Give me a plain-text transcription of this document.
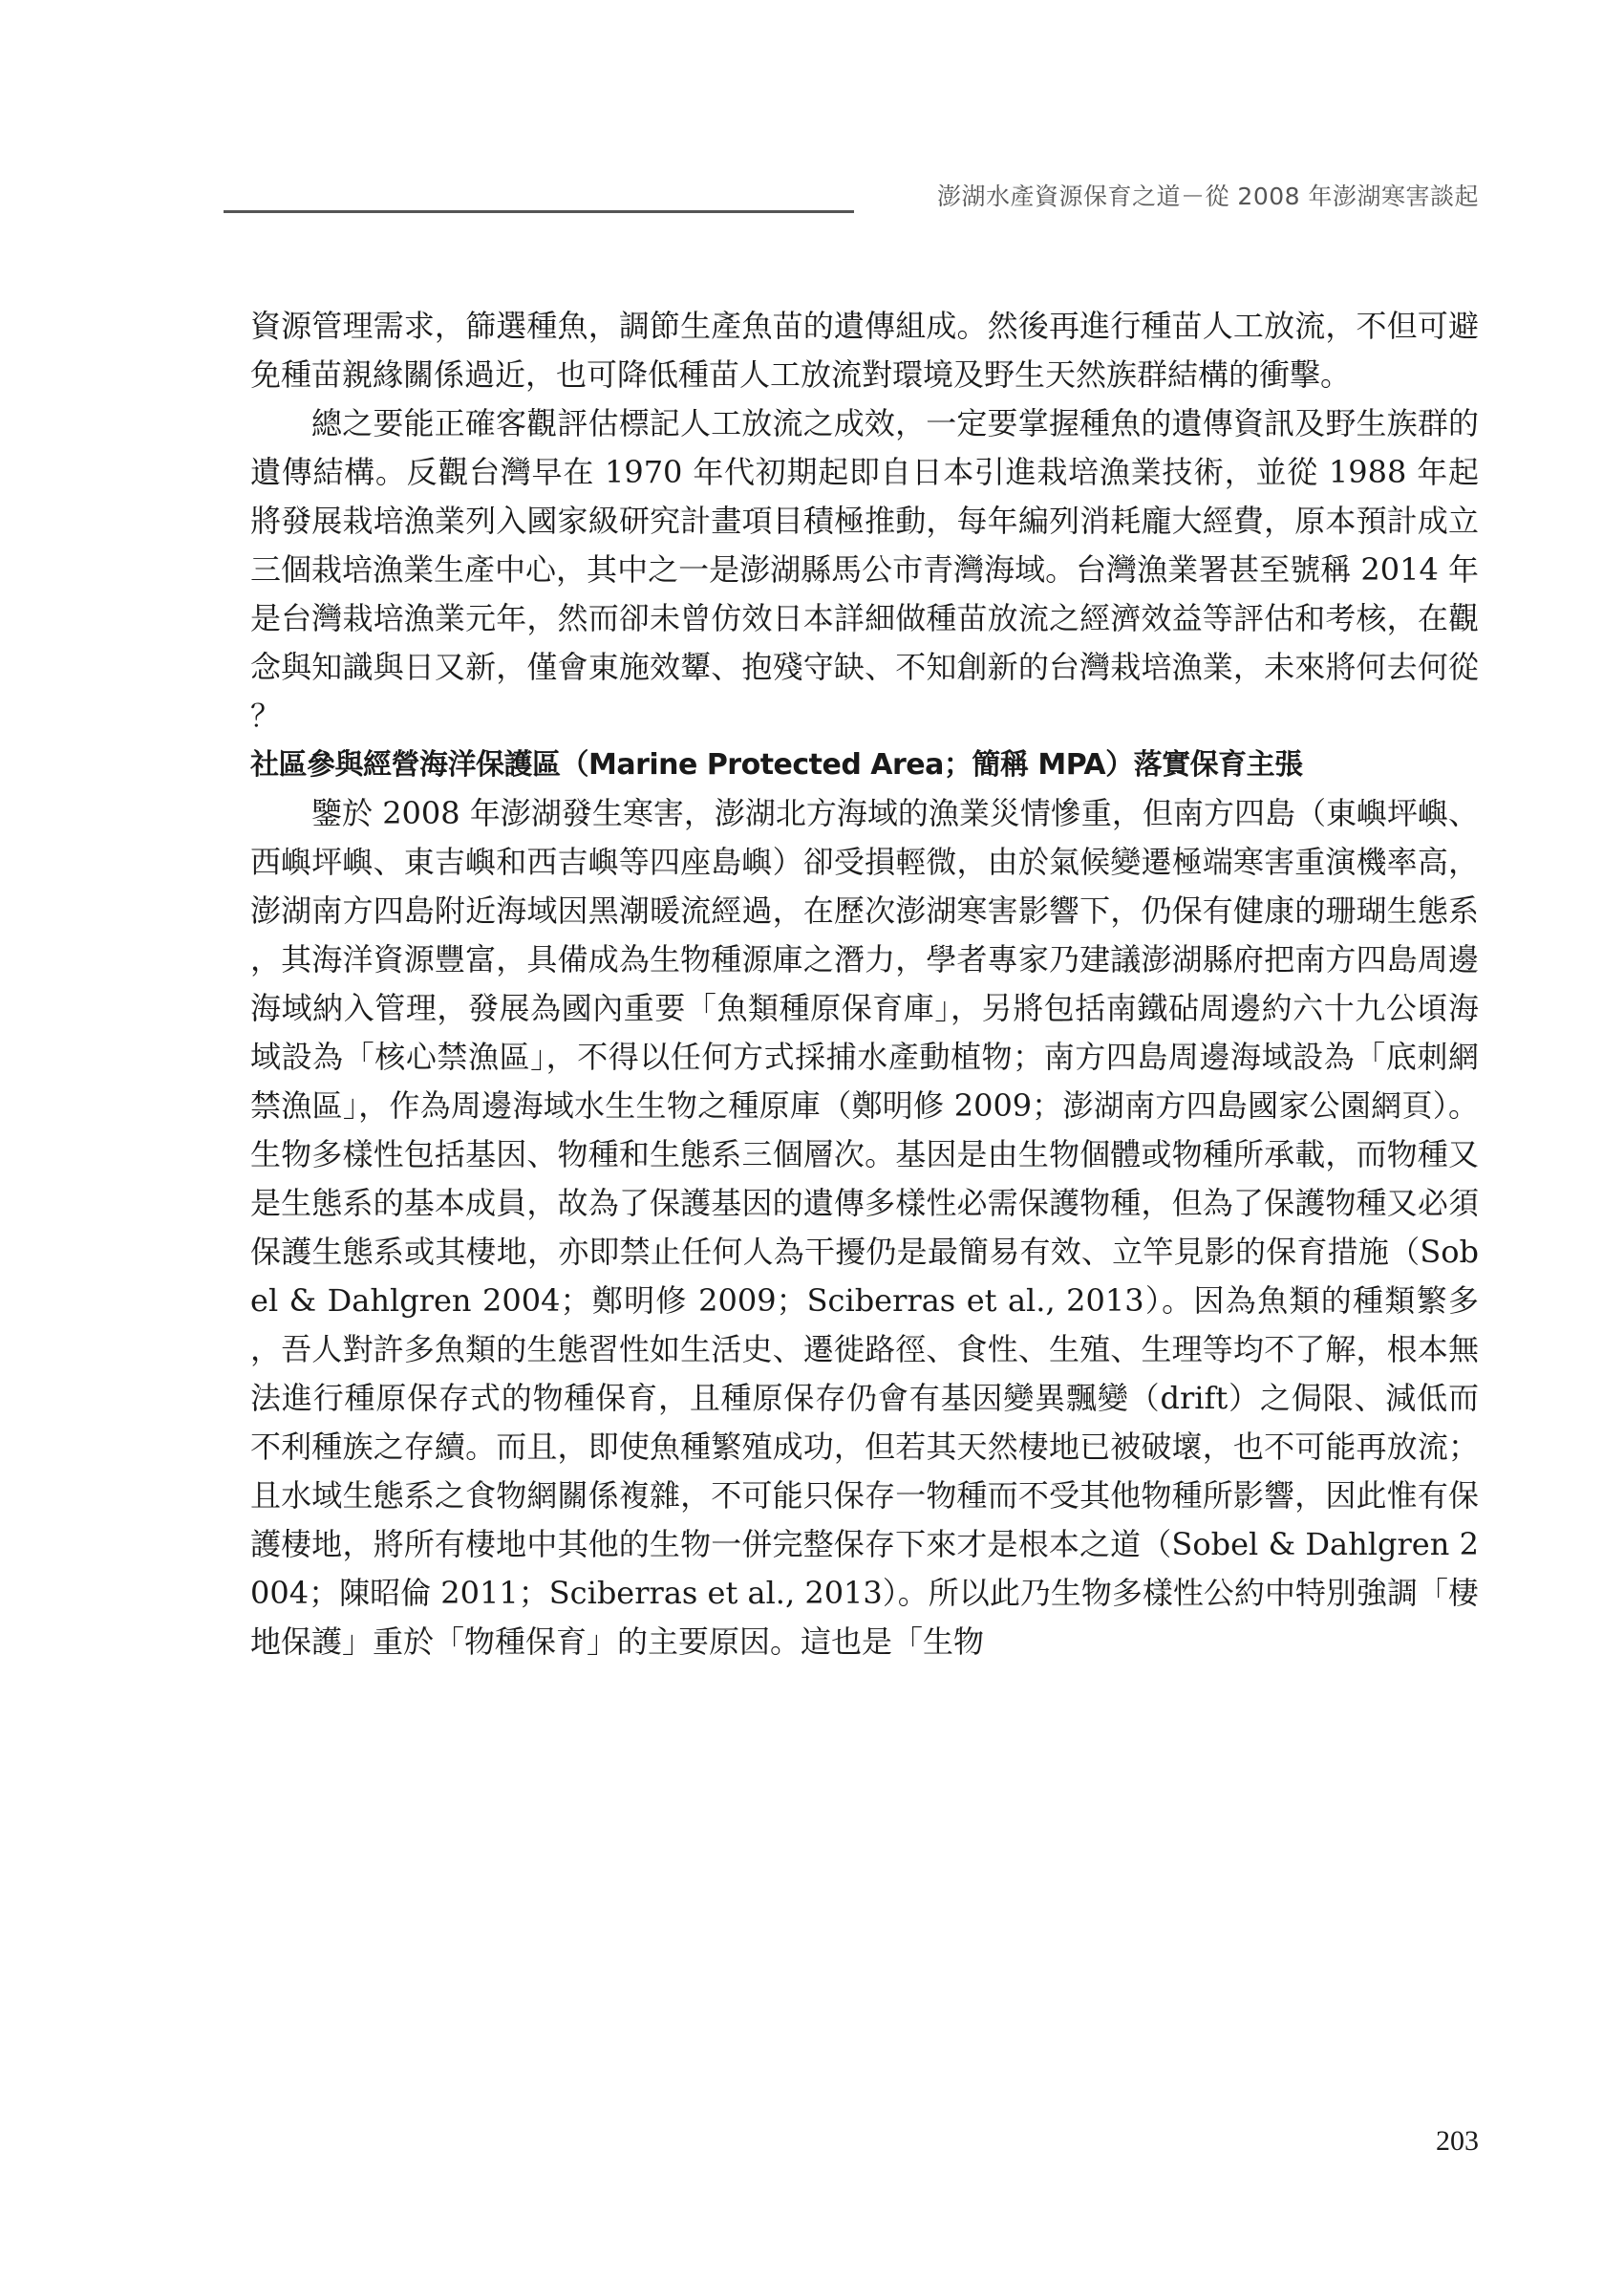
澎湖水產資源保育之道－從 2008 年澎湖寒害談起

資源管理需求，篩選種魚，調節生產魚苗的遺傳組成。然後再進行種苗人工放流，不但可避免種苗親緣關係過近，也可降低種苗人工放流對環境及野生天然族群結構的衝擊。

總之要能正確客觀評估標記人工放流之成效，一定要掌握種魚的遺傳資訊及野生族群的遺傳結構。反觀台灣早在 1970 年代初期起即自日本引進栽培漁業技術，並從 1988 年起將發展栽培漁業列入國家級研究計畫項目積極推動，每年編列消耗龐大經費，原本預計成立三個栽培漁業生產中心，其中之一是澎湖縣馬公市青灣海域。台灣漁業署甚至號稱 2014 年是台灣栽培漁業元年，然而卻未曾仿效日本詳細做種苗放流之經濟效益等評估和考核，在觀念與知識與日又新，僅會東施效顰、抱殘守缺、不知創新的台灣栽培漁業，未來將何去何從？

社區參與經營海洋保護區（Marine Protected Area；簡稱 MPA）落實保育主張

鑒於 2008 年澎湖發生寒害，澎湖北方海域的漁業災情慘重，但南方四島（東嶼坪嶼、西嶼坪嶼、東吉嶼和西吉嶼等四座島嶼）卻受損輕微，由於氣候變遷極端寒害重演機率高，澎湖南方四島附近海域因黑潮暖流經過，在歷次澎湖寒害影響下，仍保有健康的珊瑚生態系，其海洋資源豐富，具備成為生物種源庫之潛力，學者專家乃建議澎湖縣府把南方四島周邊海域納入管理，發展為國內重要「魚類種原保育庫」，另將包括南鐵砧周邊約六十九公頃海域設為「核心禁漁區」，不得以任何方式採捕水產動植物；南方四島周邊海域設為「底刺網禁漁區」，作為周邊海域水生生物之種原庫（鄭明修 2009；澎湖南方四島國家公園網頁）。生物多樣性包括基因、物種和生態系三個層次。基因是由生物個體或物種所承載，而物種又是生態系的基本成員，故為了保護基因的遺傳多樣性必需保護物種，但為了保護物種又必須保護生態系或其棲地，亦即禁止任何人為干擾仍是最簡易有效、立竿見影的保育措施（Sobel & Dahlgren 2004；鄭明修 2009；Sciberras et al., 2013）。因為魚類的種類繁多，吾人對許多魚類的生態習性如生活史、遷徙路徑、食性、生殖、生理等均不了解，根本無法進行種原保存式的物種保育，且種原保存仍會有基因變異飄變（drift）之侷限、減低而不利種族之存續。而且，即使魚種繁殖成功，但若其天然棲地已被破壞，也不可能再放流；且水域生態系之食物網關係複雜，不可能只保存一物種而不受其他物種所影響，因此惟有保護棲地，將所有棲地中其他的生物一併完整保存下來才是根本之道（Sobel & Dahlgren 2004；陳昭倫 2011；Sciberras et al., 2013）。所以此乃生物多樣性公約中特別強調「棲地保護」重於「物種保育」的主要原因。這也是「生物

203
